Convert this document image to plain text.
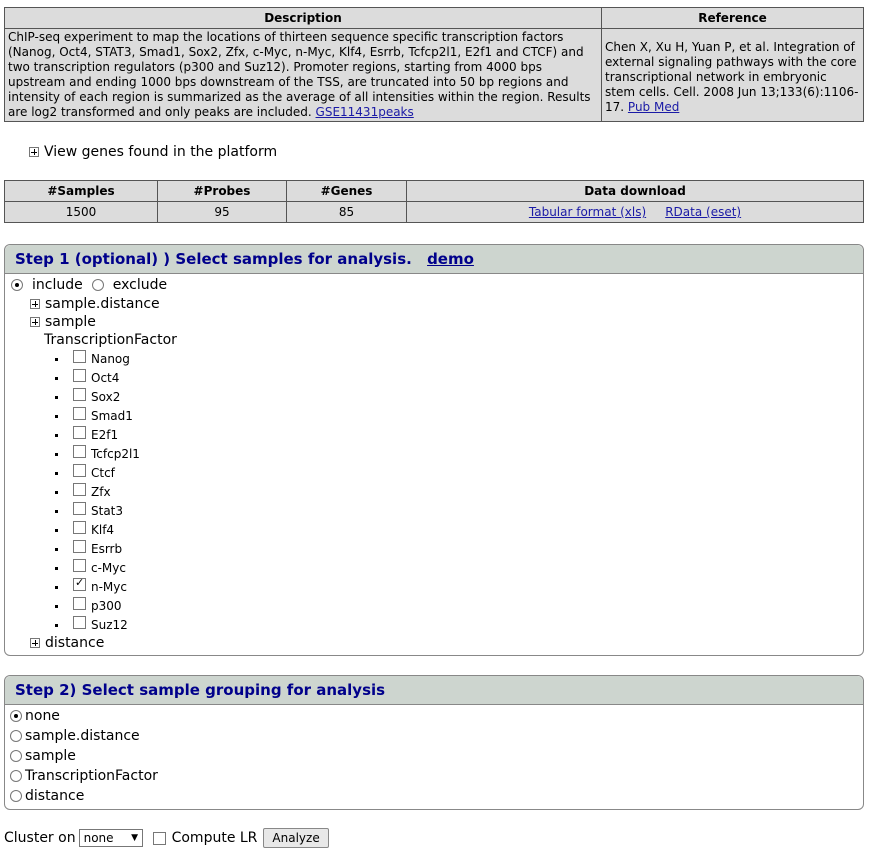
Description	Reference
ChIP-seq experiment to map the locations of thirteen sequence specific transcription factors (Nanog, Oct4, STAT3, Smad1, Sox2, Zfx, c-Myc, n-Myc, Klf4, Esrrb, Tcfcp2l1, E2f1 and CTCF) and two transcription regulators (p300 and Suz12). Promoter regions, starting from 4000 bps upstream and ending 1000 bps downstream of the TSS, are truncated into 50 bp regions and intensity of each region is summarized as the average of all intensities within the region. Results are log2 transformed and only peaks are included. GSE11431peaks	Chen X, Xu H, Yuan P, et al. Integration of external signaling pathways with the core transcriptional network in embryonic stem cells. Cell. 2008 Jun 13;133(6):1106-17. Pub Med
View genes found in the platform
#Samples	#Probes	#Genes	Data download
1500	95	85	Tabular format (xls) RData (eset)
Step 1 (optional) ) Select samples for analysis. demo
include exclude
sample.distance
sample
TranscriptionFactor
Nanog
Oct4
Sox2
Smad1
E2f1
Tcfcp2l1
Ctcf
Zfx
Stat3
Klf4
Esrrb
c-Myc
✓
n-Myc
p300
Suz12
distance
Step 2) Select sample grouping for analysis
none
sample.distance
sample
TranscriptionFactor
distance
Cluster on none	▼ Compute LR	Analyze
